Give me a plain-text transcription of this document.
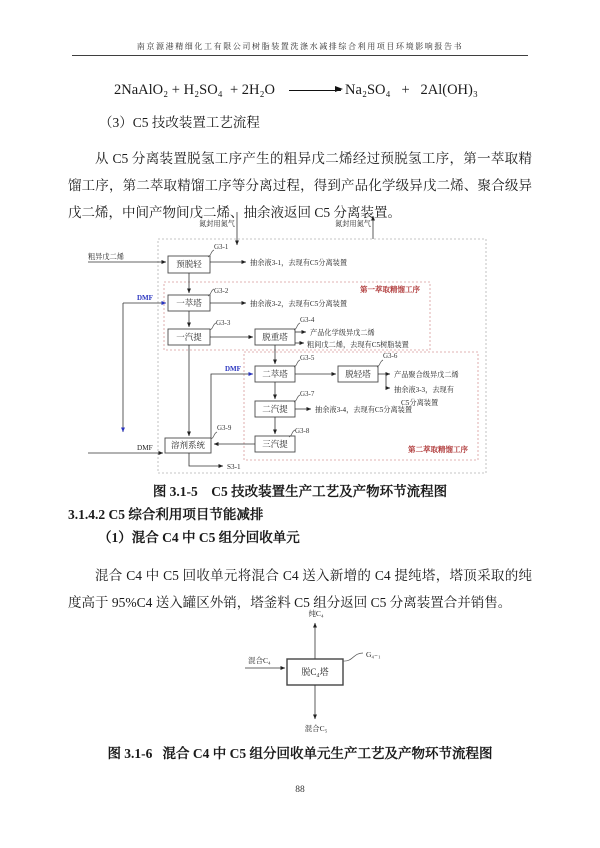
南京源港精细化工有限公司树脂装置洗涤水减排综合利用项目环境影响报告书
2NaAlO₂ + H₂SO₄  + 2H₂O →
Na₂SO₄   +   2Al(OH)₃
（3）C5 技改装置工艺流程

从 C5 分离装置脱氢工序产生的粗异戊二烯经过预脱氢工序，第一萃取精馏工序，第二萃取精馏工序等分离过程，得到产品化学级异戊二烯、聚合级异戊二烯，中间产物间戊二烯、抽余液返回 C5 分离装置。

第一萃取精馏工序
第二萃取精馏工序
氮封用氮气	氮封用氮气
粗异戊二烯
预脱轻
一萃塔
一汽提	脱重塔
二萃塔	脱轻塔
二汽提
三汽提
溶剂系统
DMF
DMF
DMF
抽余液3-1，去现有C5分离装置
抽余液3-2，去现有C5分离装置
产品化学级异戊二烯
粗间戊二烯，去现有C5树脂装置
产品聚合级异戊二烯
抽余液3-3，去现有
C5分离装置
抽余液3-4，去现有C5分离装置
S3-1
G3-1
G3-2
G3-3	G3-4
G3-5	G3-6
G3-7
G3-8
G3-9
图 3.1-5    C5 技改装置生产工艺及产物环节流程图
3.1.4.2 C5 综合利用项目节能减排
（1）混合 C4 中 C5 组分回收单元

混合 C4 中 C5 回收单元将混合 C4 送入新增的 C4 提纯塔，塔顶采取的纯度高于 95%C4 送入罐区外销，塔釜料 C5 组分返回 C5 分离装置合并销售。

纯C₄
混合C₄
脱C₄塔
G₄₋₁
混合C₅
图 3.1-6   混合 C4 中 C5 组分回收单元生产工艺及产物环节流程图
88
